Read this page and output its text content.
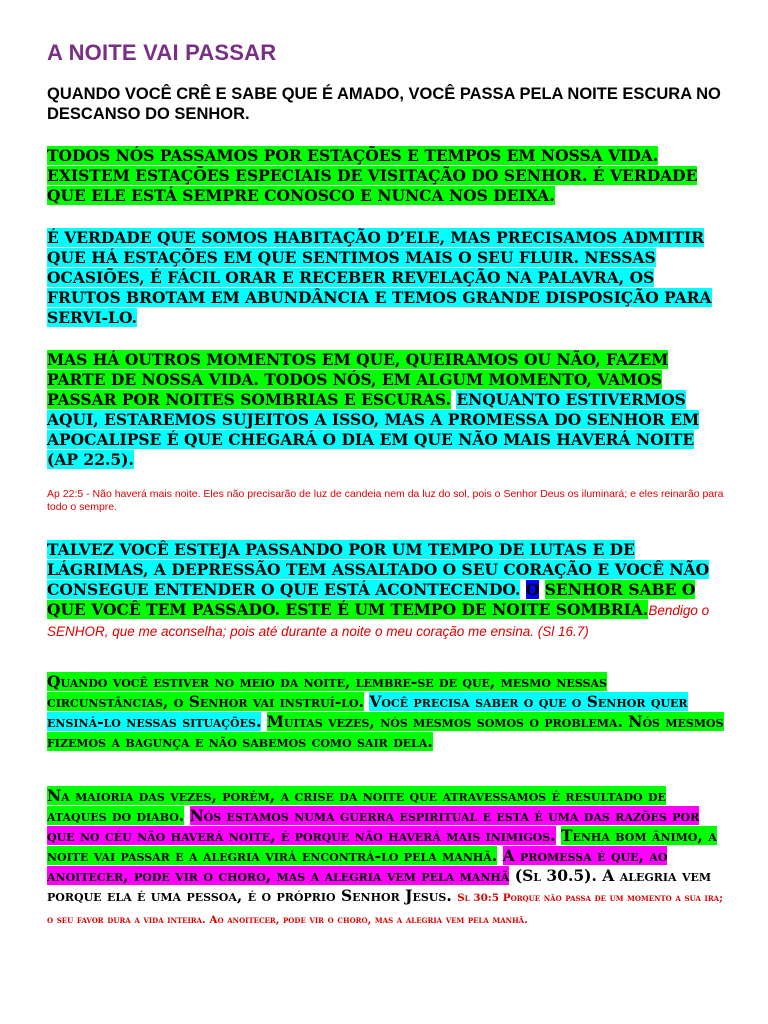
A NOITE VAI PASSAR

QUANDO VOCÊ CRÊ E SABE QUE É AMADO, VOCÊ PASSA PELA NOITE ESCURA NO DESCANSO DO SENHOR.

TODOS NÓS PASSAMOS POR ESTAÇÕES E TEMPOS EM NOSSA VIDA. EXISTEM ESTAÇÕES ESPECIAIS DE VISITAÇÃO DO SENHOR. É VERDADE QUE ELE ESTÁ SEMPRE CONOSCO E NUNCA NOS DEIXA.

É VERDADE QUE SOMOS HABITAÇÃO D’ELE, MAS PRECISAMOS ADMITIR QUE HÁ ESTAÇÕES EM QUE SENTIMOS MAIS O SEU FLUIR. NESSAS OCASIÕES, É FÁCIL ORAR E RECEBER REVELAÇÃO NA PALAVRA, OS FRUTOS BROTAM EM ABUNDÂNCIA E TEMOS GRANDE DISPOSIÇÃO PARA SERVI-LO.

MAS HÁ OUTROS MOMENTOS EM QUE, QUEIRAMOS OU NÃO, FAZEM PARTE DE NOSSA VIDA. TODOS NÓS, EM ALGUM MOMENTO, VAMOS PASSAR POR NOITES SOMBRIAS E ESCURAS. ENQUANTO ESTIVERMOS AQUI, ESTAREMOS SUJEITOS A ISSO, MAS A PROMESSA DO SENHOR EM APOCALIPSE É QUE CHEGARÁ O DIA EM QUE NÃO MAIS HAVERÁ NOITE (AP 22.5).

Ap 22:5 - Não haverá mais noite. Eles não precisarão de luz de candeia nem da luz do sol, pois o Senhor Deus os iluminará; e eles reinarão para todo o sempre.

TALVEZ VOCÊ ESTEJA PASSANDO POR UM TEMPO DE LUTAS E DE LÁGRIMAS, A DEPRESSÃO TEM ASSALTADO O SEU CORAÇÃO E VOCÊ NÃO CONSEGUE ENTENDER O QUE ESTÁ ACONTECENDO. O SENHOR SABE O QUE VOCÊ TEM PASSADO. ESTE É UM TEMPO DE NOITE SOMBRIA.Bendigo o SENHOR, que me aconselha; pois até durante a noite o meu coração me ensina. (Sl 16.7)

Quando você estiver no meio da noite, lembre-se de que, mesmo nessas circunstâncias, o Senhor vai instruí-lo. Você precisa saber o que o Senhor quer ensiná-lo nessas situações. Muitas vezes, nós mesmos somos o problema. Nós mesmos fizemos a bagunça e não sabemos como sair dela.

Na maioria das vezes, porém, a crise da noite que atravessamos é resultado de ataques do diabo. Nós estamos numa guerra espiritual e esta é uma das razões por que no céu não haverá noite, é porque não haverá mais inimigos. Tenha bom ânimo, a noite vai passar e a alegria virá encontrá-lo pela manhã. A promessa é que, ao anoitecer, pode vir o choro, mas a alegria vem pela manhã (Sl 30.5). A alegria vem porque ela é uma pessoa, é o próprio Senhor Jesus. Sl 30:5 Porque não passa de um momento a sua ira; o seu favor dura a vida inteira. Ao anoitecer, pode vir o choro, mas a alegria vem pela manhã.
